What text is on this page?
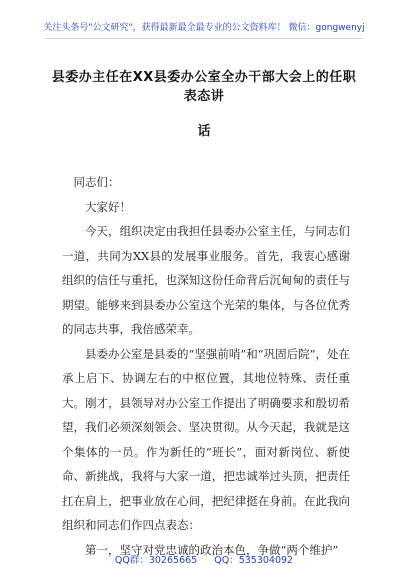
关注头条号"公文研究"，获得最新最全最专业的公文资料库！ 微信：gongwenyj
县委办主任在XX县委办公室全办干部大会上的任职表态讲
话

同志们：

大家好！

今天，组织决定由我担任县委办公室主任，与同志们一道，共同为XX县的发展事业服务。首先，我衷心感谢组织的信任与重托，也深知这份任命背后沉甸甸的责任与期望。能够来到县委办公室这个光荣的集体，与各位优秀的同志共事，我倍感荣幸。

县委办公室是县委的“坚强前哨”和“巩固后院”，处在承上启下、协调左右的中枢位置，其地位特殊、责任重大。刚才，县领导对办公室工作提出了明确要求和殷切希望，我们必须深刻领会、坚决贯彻。从今天起，我就是这个集体的一员。作为新任的“班长”，面对新岗位、新使命、新挑战，我将与大家一道，把忠诚举过头顶，把责任扛在肩上，把事业放在心间，把纪律挺在身前。在此我向组织和同志们作四点表态：

第一，坚守对党忠诚的政治本色，争做“两个维护”

QQ群：30265665 QQ：535304092
